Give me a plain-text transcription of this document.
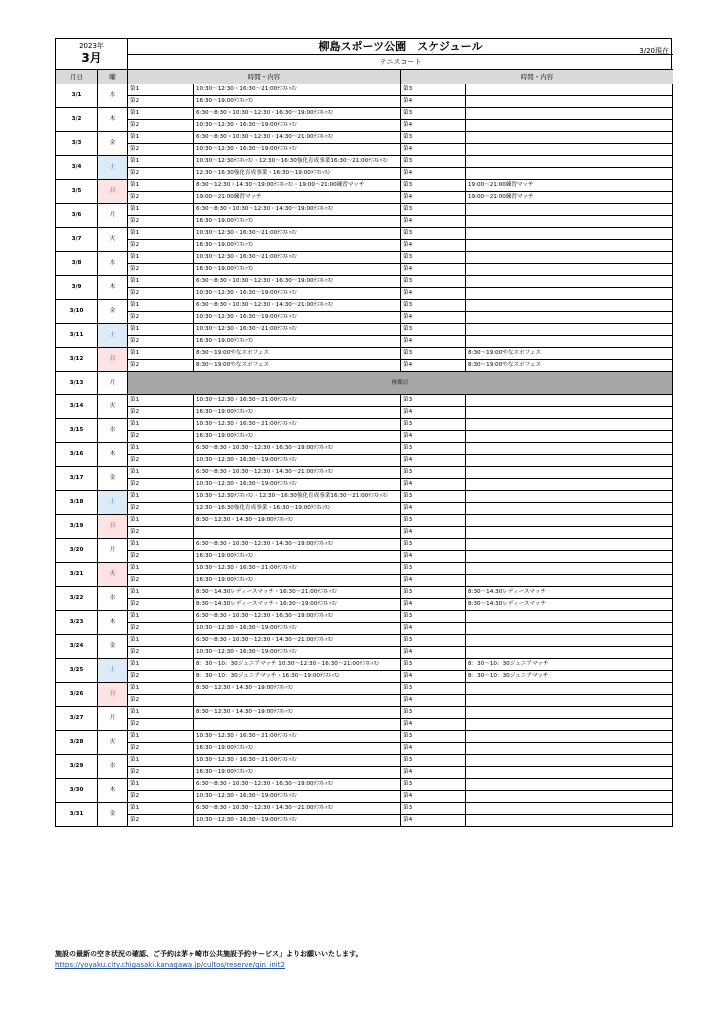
2023年
3月
柳島スポーツ公園　スケジュール	3/20現在
テニスコート
月日	曜	時間・内容	時間・内容
3/1	水	第1	10:30～12:30・16:30～21:00ﾃﾆｽﾚｯｽﾝ	第3	
		第2	16:30～19:00ﾃﾆｽﾚｯｽﾝ	第4	
3/2	木	第1	6:30～8:30・10:30～12:30・16:30～19:00ﾃﾆｽﾚｯｽﾝ	第3	
		第2	10:30～12:30・16:30～19:00ﾃﾆｽﾚｯｽﾝ	第4	
3/3	金	第1	6:30～8:30・10:30～12:30・14:30～21:00ﾃﾆｽﾚｯｽﾝ	第3	
		第2	10:30～12:30・16:30～19:00ﾃﾆｽﾚｯｽﾝ	第4	
3/4	土	第1	10:30～12:30ﾃﾆｽﾚｯｽﾝ・12:30～16:30強化育成事業16:30～21:00ﾃﾆｽﾚｯｽﾝ	第3	
		第2	12:30～16:30強化育成事業・16:30～19:00ﾃﾆｽﾚｯｽﾝ	第4	
3/5	日	第1	8:30～12:30・14:30～19:00ﾃﾆｽﾚｯｽﾝ・19:00～21:00練習マッチ	第3	19:00～21:00練習マッチ
		第2	19:00～21:00練習マッチ	第4	19:00～21:00練習マッチ
3/6	月	第1	6:30～8:30・10:30～12:30・14:30～19:00ﾃﾆｽﾚｯｽﾝ	第3	
		第2	16:30～19:00ﾃﾆｽﾚｯｽﾝ	第4	
3/7	火	第1	10:30～12:30・16:30～21:00ﾃﾆｽﾚｯｽﾝ	第3	
		第2	16:30～19:00ﾃﾆｽﾚｯｽﾝ	第4	
3/8	水	第1	10:30～12:30・16:30～21:00ﾃﾆｽﾚｯｽﾝ	第3	
		第2	16:30～19:00ﾃﾆｽﾚｯｽﾝ	第4	
3/9	木	第1	6:30～8:30・10:30～12:30・16:30～19:00ﾃﾆｽﾚｯｽﾝ	第3	
		第2	10:30～12:30・16:30～19:00ﾃﾆｽﾚｯｽﾝ	第4	
3/10	金	第1	6:30～8:30・10:30～12:30・14:30～21:00ﾃﾆｽﾚｯｽﾝ	第3	
		第2	10:30～12:30・16:30～19:00ﾃﾆｽﾚｯｽﾝ	第4	
3/11	土	第1	10:30～12:30・16:30～21:00ﾃﾆｽﾚｯｽﾝ	第3	
		第2	16:30～19:00ﾃﾆｽﾚｯｽﾝ	第4	
3/12	日	第1	8:30～19:00やなスポフェス	第3	8:30～19:00やなスポフェス
		第2	8:30～19:00やなスポフェス	第4	8:30～19:00やなスポフェス
3/13	月	休館日			
3/14	火	第1	10:30～12:30・16:30～21:00ﾃﾆｽﾚｯｽﾝ	第3	
		第2	16:30～19:00ﾃﾆｽﾚｯｽﾝ	第4	
3/15	水	第1	10:30～12:30・16:30～21:00ﾃﾆｽﾚｯｽﾝ	第3	
		第2	16:30～19:00ﾃﾆｽﾚｯｽﾝ	第4	
3/16	木	第1	6:30～8:30・10:30～12:30・16:30～19:00ﾃﾆｽﾚｯｽﾝ	第3	
		第2	10:30～12:30・16:30～19:00ﾃﾆｽﾚｯｽﾝ	第4	
3/17	金	第1	6:30～8:30・10:30～12:30・14:30～21:00ﾃﾆｽﾚｯｽﾝ	第3	
		第2	10:30～12:30・16:30～19:00ﾃﾆｽﾚｯｽﾝ	第4	
3/18	土	第1	10:30～12:30ﾃﾆｽﾚｯｽﾝ・12:30～16:30強化育成事業16:30～21:00ﾃﾆｽﾚｯｽﾝ	第3	
		第2	12:30～16:30強化育成事業・16:30～19:00ﾃﾆｽﾚｯｽﾝ	第4	
3/19	日	第1	8:30～12:30・14:30～19:00ﾃﾆｽﾚｯｽﾝ	第3	
		第2		第4	
3/20	月	第1	6:30～8:30・10:30～12:30・14:30～19:00ﾃﾆｽﾚｯｽﾝ	第3	
		第2	16:30～19:00ﾃﾆｽﾚｯｽﾝ	第4	
3/21	火	第1	10:30～12:30・16:30～21:00ﾃﾆｽﾚｯｽﾝ	第3	
		第2	16:30～19:00ﾃﾆｽﾚｯｽﾝ	第4	
3/22	水	第1	8:30～14:30レディースマッチ・16:30～21:00ﾃﾆｽﾚｯｽﾝ	第3	8:30～14:30レディースマッチ
		第2	8:30～14:30レディースマッチ・16:30～19:00ﾃﾆｽﾚｯｽﾝ	第4	8:30～14:30レディースマッチ
3/23	木	第1	6:30～8:30・10:30～12:30・16:30～19:00ﾃﾆｽﾚｯｽﾝ	第3	
		第2	10:30～12:30・16:30～19:00ﾃﾆｽﾚｯｽﾝ	第4	
3/24	金	第1	6:30～8:30・10:30～12:30・14:30～21:00ﾃﾆｽﾚｯｽﾝ	第3	
		第2	10:30～12:30・16:30～19:00ﾃﾆｽﾚｯｽﾝ	第4	
3/25	土	第1	8：30～10：30ジュニアマッチ 10:30～12:30・16:30～21:00ﾃﾆｽﾚｯｽﾝ	第3	8：30～10：30ジュニアマッチ
		第2	8：30～10：30ジュニアマッチ・16:30～19:00ﾃﾆｽﾚｯｽﾝ	第4	8：30～10：30ジュニアマッチ
3/26	日	第1	8:30～12:30・14:30～19:00ﾃﾆｽﾚｯｽﾝ	第3	
		第2		第4	
3/27	月	第1	8:30～12:30・14:30～19:00ﾃﾆｽﾚｯｽﾝ	第3	
		第2		第4	
3/28	火	第1	10:30～12:30・16:30～21:00ﾃﾆｽﾚｯｽﾝ	第3	
		第2	16:30～19:00ﾃﾆｽﾚｯｽﾝ	第4	
3/29	水	第1	10:30～12:30・16:30～21:00ﾃﾆｽﾚｯｽﾝ	第3	
		第2	16:30～19:00ﾃﾆｽﾚｯｽﾝ	第4	
3/30	木	第1	6:30～8:30・10:30～12:30・16:30～19:00ﾃﾆｽﾚｯｽﾝ	第3	
		第2	10:30～12:30・16:30～19:00ﾃﾆｽﾚｯｽﾝ	第4	
3/31	金	第1	6:30～8:30・10:30～12:30・14:30～21:00ﾃﾆｽﾚｯｽﾝ	第3	
		第2	10:30～12:30・16:30～19:00ﾃﾆｽﾚｯｽﾝ	第4	
施設の最新の空き状況の確認、ご予約は茅ヶ崎市公共施設予約サービス」よりお願いいたします。
https://yoyaku.city.chigasaki.kanagawa.jp/cultos/reserve/gin_init2
